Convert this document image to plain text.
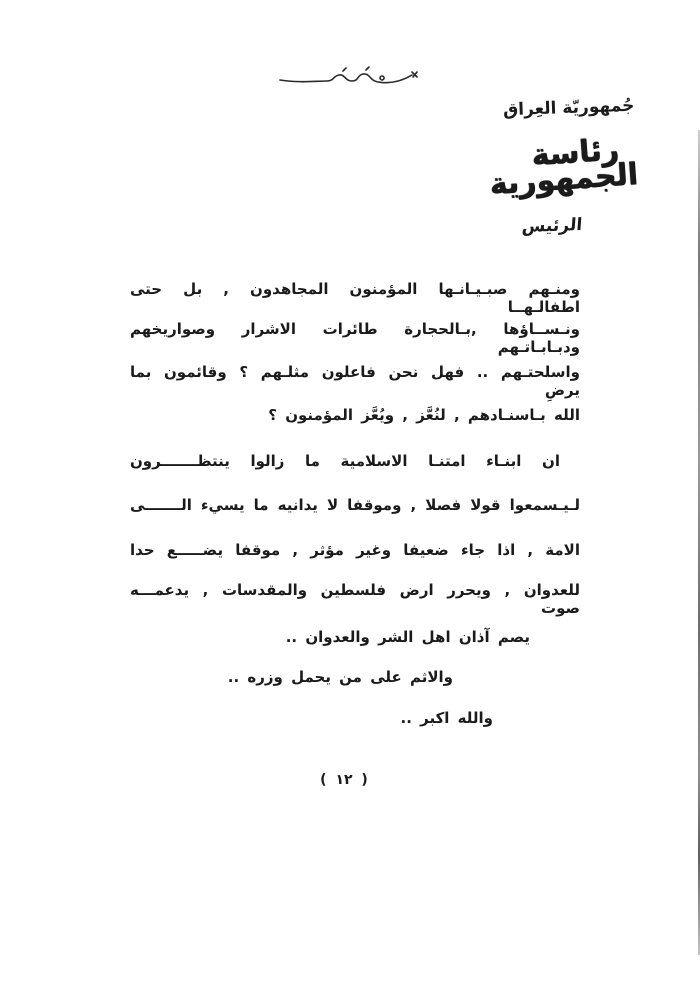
جُمهوريّة العِراق
رئاسة الجمهورية
الرئيس
ومنـهم صبـيـانـها المؤمنون المجاهدون , بل حتى اطفالـهــا
ونـســاؤها ,بـالحجارة طائرات الاشرار وصواريخهم ودبـابـاتـهم
واسلحتـهم .. فهل نحن فاعلون مثلـهم ؟ وقائمون بما يرضِ
الله بـاسنـادهم , لنُعَّز , ويُعَّز المؤمنون ؟
ان ابنـاء امتنـا الاسلامية ما زالوا ينتظـــــــرون
لـيـسمعوا قولا فصلا , وموقفا لا يدانيه ما يسيء الـــــــى
الامة , اذا جاء ضعيفا وغير مؤثر , موقفا يضـــــع حدا
للعدوان , ويحرر ارض فلسطين والمقدسات , يدعمـــه صوت
يصم آذان اهل الشر والعدوان ..
والاثم على من يحمل وزره ..
والله اكبر ..
( ١٢ )
